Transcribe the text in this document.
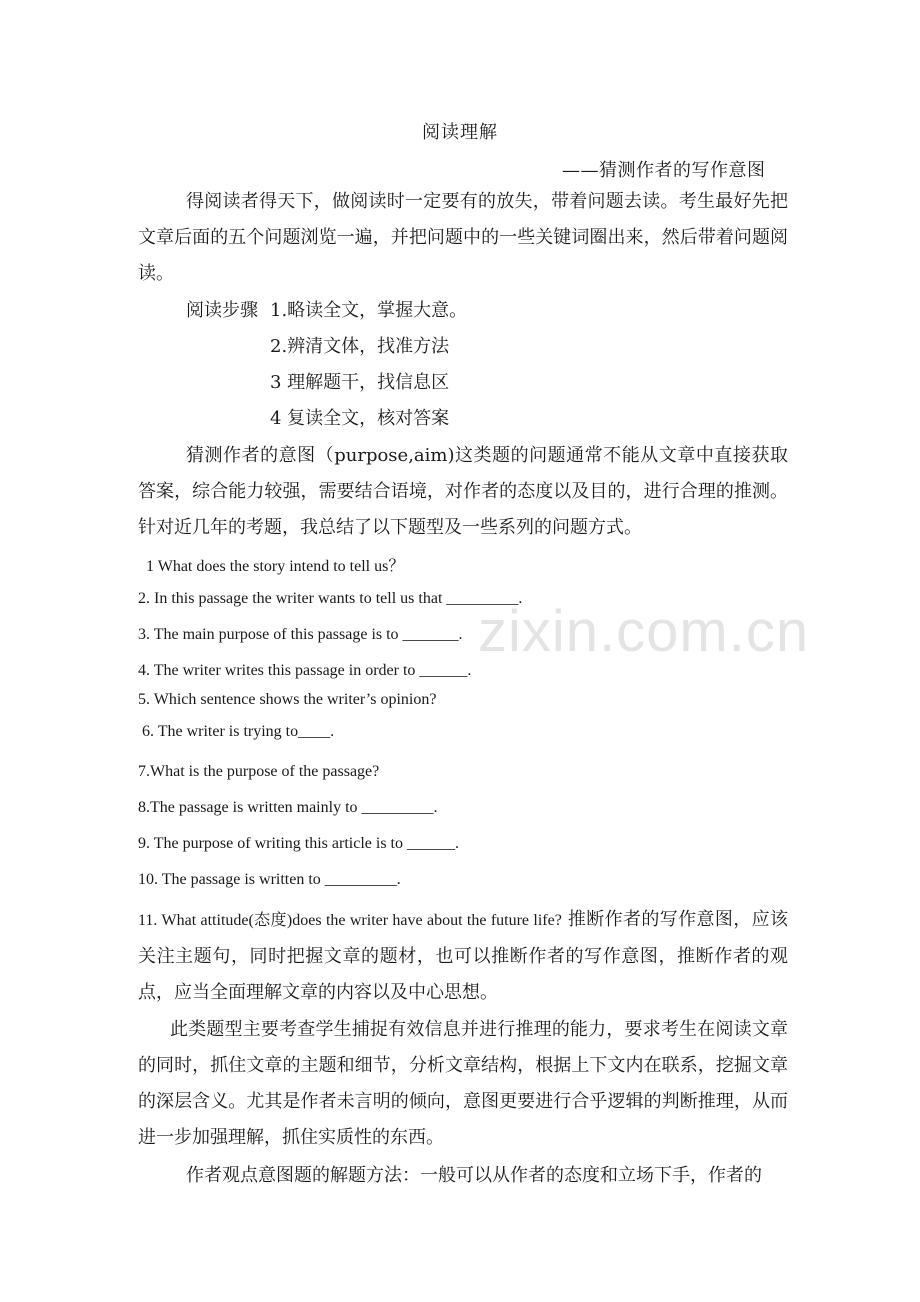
阅读理解
——猜测作者的写作意图
得阅读者得天下，做阅读时一定要有的放失，带着问题去读。考生最好先把文章后面的五个问题浏览一遍，并把问题中的一些关键词圈出来，然后带着问题阅读。
阅读步骤 1.略读全文，掌握大意。
2.辨清文体，找准方法
3 理解题干，找信息区
4 复读全文，核对答案
猜测作者的意图（purpose,aim)这类题的问题通常不能从文章中直接获取答案，综合能力较强，需要结合语境，对作者的态度以及目的，进行合理的推测。针对近几年的考题，我总结了以下题型及一些系列的问题方式。
1 What does the story intend to tell us？
2. In this passage the writer wants to tell us that _________.
3. The main purpose of this passage is to _______.
4. The writer writes this passage in order to ______.
5. Which sentence shows the writer’s opinion?
6. The writer is trying to____.
7.What is the purpose of the passage?
8.The passage is written mainly to _________.
9. The purpose of writing this article is to ______.
10. The passage is written to _________.
11. What attitude(态度)does the writer have about the future life? 推断作者的写作意图，应该关注主题句，同时把握文章的题材，也可以推断作者的写作意图，推断作者的观点，应当全面理解文章的内容以及中心思想。
此类题型主要考查学生捕捉有效信息并进行推理的能力，要求考生在阅读文章的同时，抓住文章的主题和细节，分析文章结构，根据上下文内在联系，挖掘文章的深层含义。尤其是作者未言明的倾向，意图更要进行合乎逻辑的判断推理，从而进一步加强理解，抓住实质性的东西。
作者观点意图题的解题方法：一般可以从作者的态度和立场下手，作者的
zixin.com.cn
